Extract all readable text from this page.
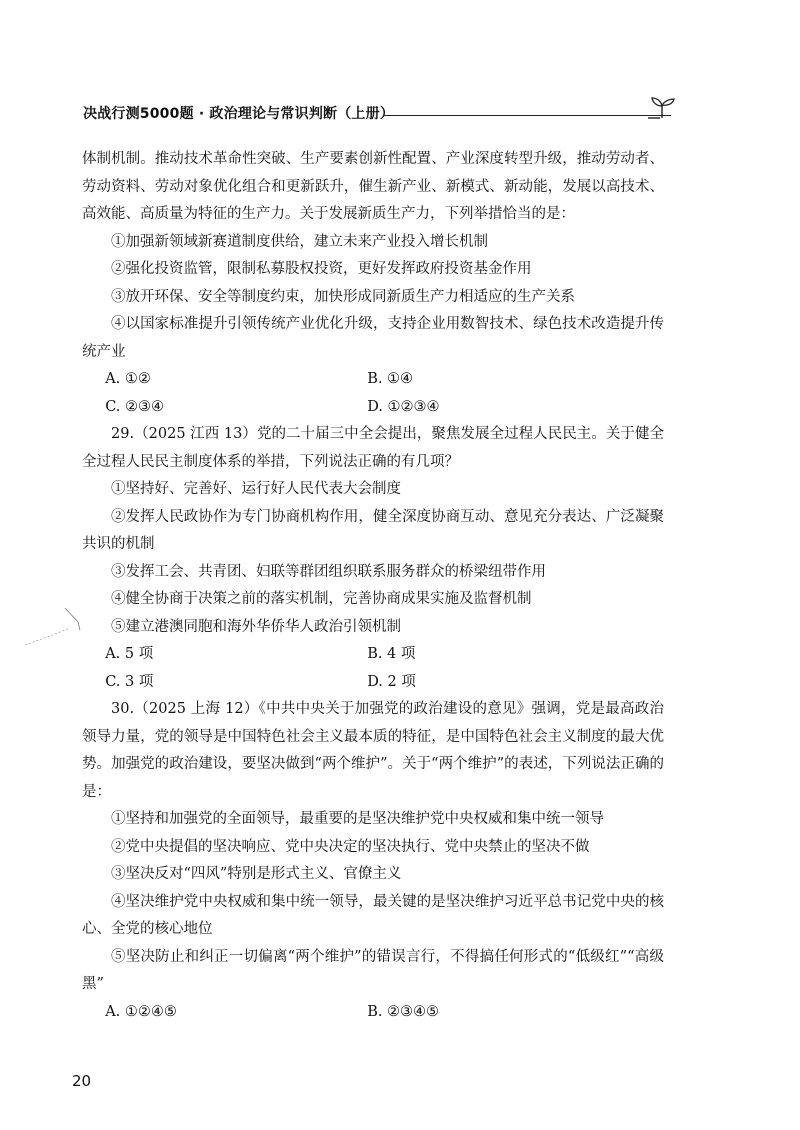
决战行测5000题 · 政治理论与常识判断（上册）

体制机制。推动技术革命性突破、生产要素创新性配置、产业深度转型升级，推动劳动者、劳动资料、劳动对象优化组合和更新跃升，催生新产业、新模式、新动能，发展以高技术、高效能、高质量为特征的生产力。关于发展新质生产力，下列举措恰当的是：

①加强新领域新赛道制度供给，建立未来产业投入增长机制

②强化投资监管，限制私募股权投资，更好发挥政府投资基金作用

③放开环保、安全等制度约束，加快形成同新质生产力相适应的生产关系

④以国家标准提升引领传统产业优化升级，支持企业用数智技术、绿色技术改造提升传统产业

A. ①②	B. ①④
C. ②③④	D. ①②③④

29.（2025 江西 13）党的二十届三中全会提出，聚焦发展全过程人民民主。关于健全全过程人民民主制度体系的举措，下列说法正确的有几项？

①坚持好、完善好、运行好人民代表大会制度

②发挥人民政协作为专门协商机构作用，健全深度协商互动、意见充分表达、广泛凝聚共识的机制

③发挥工会、共青团、妇联等群团组织联系服务群众的桥梁纽带作用

④健全协商于决策之前的落实机制，完善协商成果实施及监督机制

⑤建立港澳同胞和海外华侨华人政治引领机制

A. 5 项	B. 4 项
C. 3 项	D. 2 项

30.（2025 上海 12）《中共中央关于加强党的政治建设的意见》强调，党是最高政治领导力量，党的领导是中国特色社会主义最本质的特征，是中国特色社会主义制度的最大优势。加强党的政治建设，要坚决做到“两个维护”。关于“两个维护”的表述，下列说法正确的是：

①坚持和加强党的全面领导，最重要的是坚决维护党中央权威和集中统一领导

②党中央提倡的坚决响应、党中央决定的坚决执行、党中央禁止的坚决不做

③坚决反对“四风”特别是形式主义、官僚主义

④坚决维护党中央权威和集中统一领导，最关键的是坚决维护习近平总书记党中央的核心、全党的核心地位

⑤坚决防止和纠正一切偏离“两个维护”的错误言行，不得搞任何形式的“低级红”“高级黑”

A. ①②④⑤	B. ②③④⑤
20
